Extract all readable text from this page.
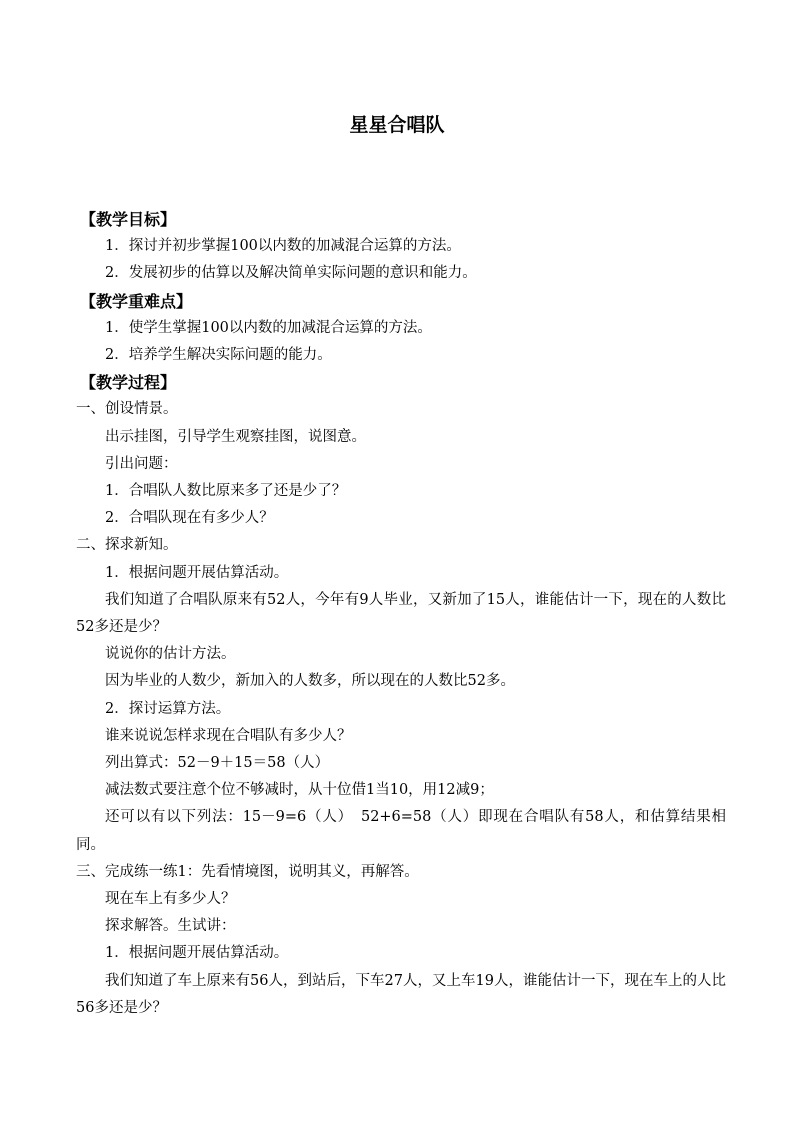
星星合唱队
【教学目标】
1．探讨并初步掌握100以内数的加减混合运算的方法。
2．发展初步的估算以及解决简单实际问题的意识和能力。
【教学重难点】
1．使学生掌握100以内数的加减混合运算的方法。
2．培养学生解决实际问题的能力。
【教学过程】
一、创设情景。
出示挂图，引导学生观察挂图，说图意。
引出问题：
1．合唱队人数比原来多了还是少了？
2．合唱队现在有多少人？
二、探求新知。
1．根据问题开展估算活动。
我们知道了合唱队原来有52人，今年有9人毕业，又新加了15人，谁能估计一下，现在的人数比52多还是少？
说说你的估计方法。
因为毕业的人数少，新加入的人数多，所以现在的人数比52多。
2．探讨运算方法。
谁来说说怎样求现在合唱队有多少人？
列出算式：52－9＋15＝58（人）
减法数式要注意个位不够减时，从十位借1当10，用12减9；
还可以有以下列法：15－9=6（人）　52+6=58（人）即现在合唱队有58人，和估算结果相同。
三、完成练一练1：先看情境图，说明其义，再解答。
现在车上有多少人？
探求解答。生试讲：
1．根据问题开展估算活动。
我们知道了车上原来有56人，到站后，下车27人，又上车19人，谁能估计一下，现在车上的人比56多还是少？
